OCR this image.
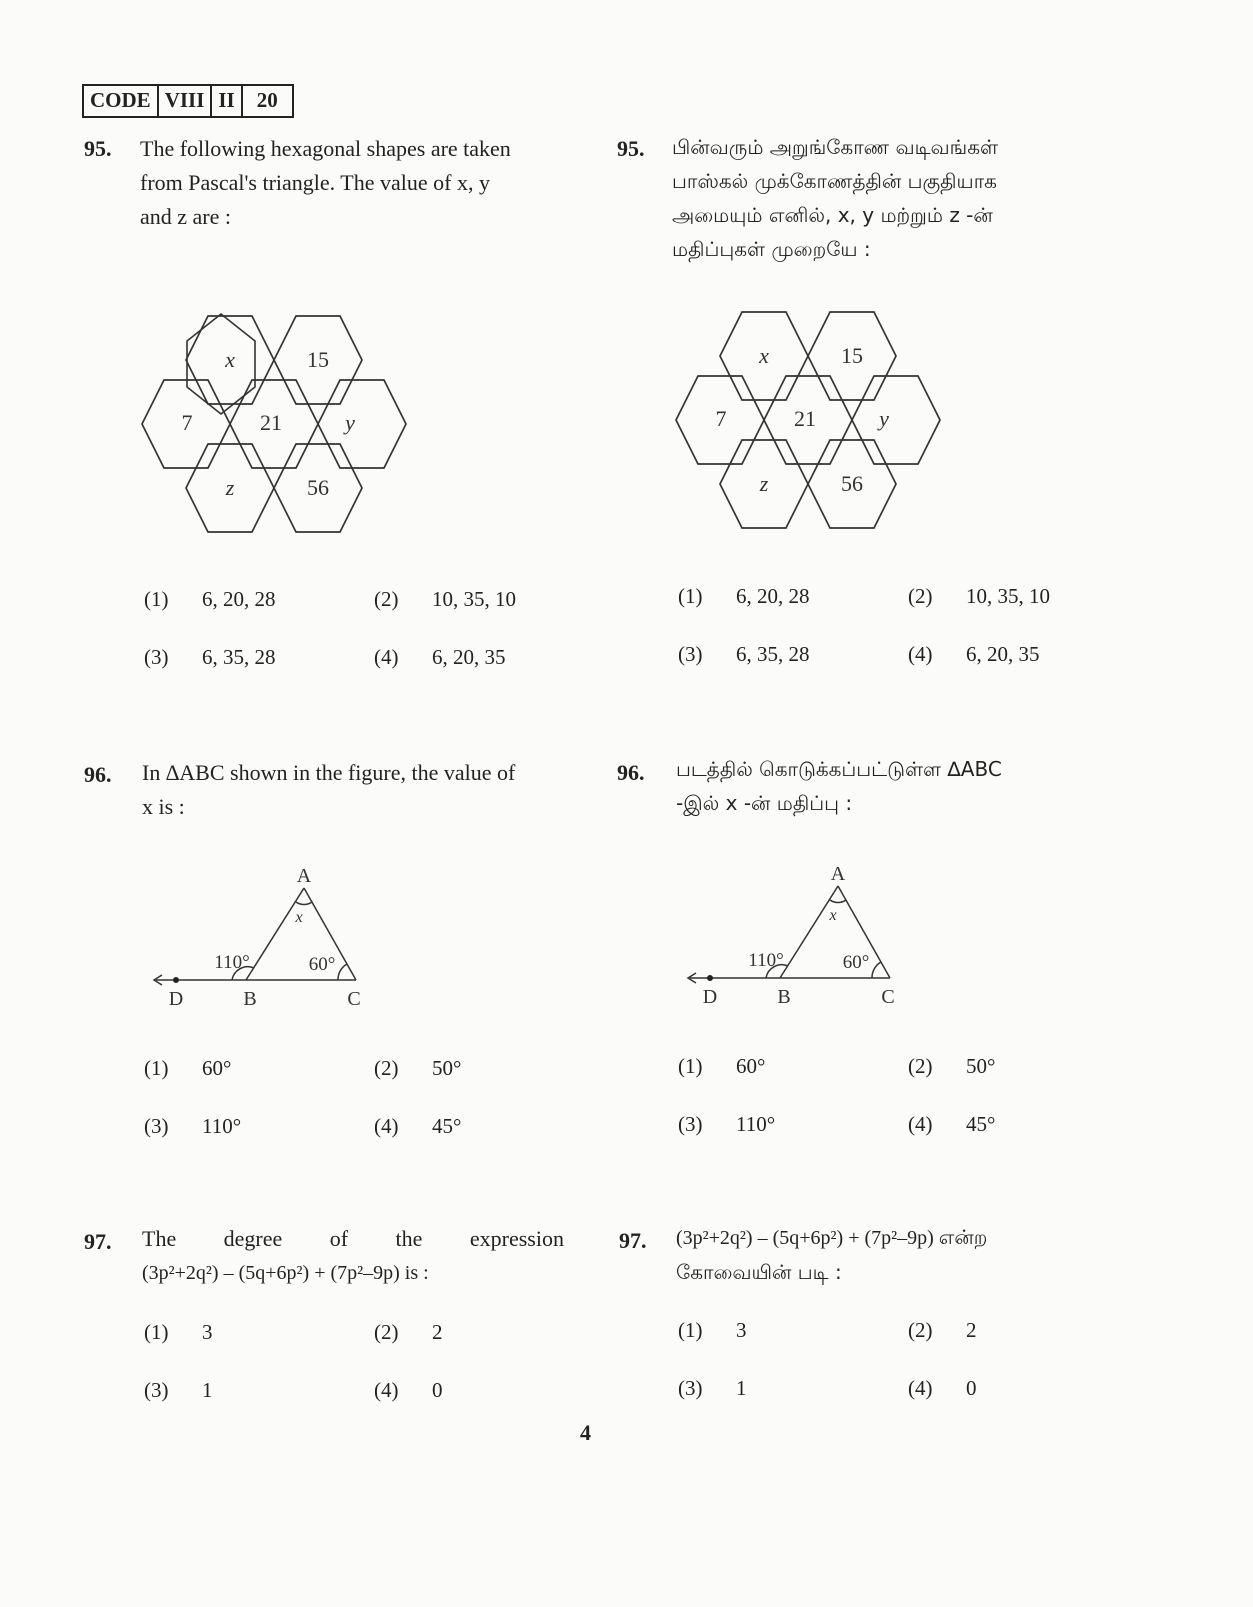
CODE VIII II	20
95. The following hexagonal shapes are taken
from Pascal's triangle. The value of x, y
and z are :
x	15
7	21	y
z	56
(1) 6, 20, 28	(2) 10, 35, 10
(3) 6, 35, 28	(4) 6, 20, 35
95. பின்வரும் அறுங்கோண வடிவங்கள்
பாஸ்கல் முக்கோணத்தின் பகுதியாக
அமையும் எனில், x, y மற்றும் z -ன்
மதிப்புகள் முறையே :
x	15
7	21	y
z	56
(1) 6, 20, 28	(2) 10, 35, 10
(3) 6, 35, 28	(4) 6, 20, 35
96. In ∆ABC shown in the figure, the value of
x is :
A
x
110°	60°
D	B	C
(1) 60°	(2) 50°
(3) 110°	(4) 45°
96. படத்தில் கொடுக்கப்பட்டுள்ள ∆ABC
-இல் x -ன் மதிப்பு :
A
x
110°	60°
D	B	C
(1) 60°	(2) 50°
(3) 110°	(4) 45°
97. The degree of the expression
(3p²+2q²) – (5q+6p²) + (7p²–9p) is :
(1) 3	(2) 2
(3) 1	(4) 0
97. (3p²+2q²) – (5q+6p²) + (7p²–9p) என்ற
கோவையின் படி :
(1) 3	(2) 2
(3) 1	(4) 0
4
